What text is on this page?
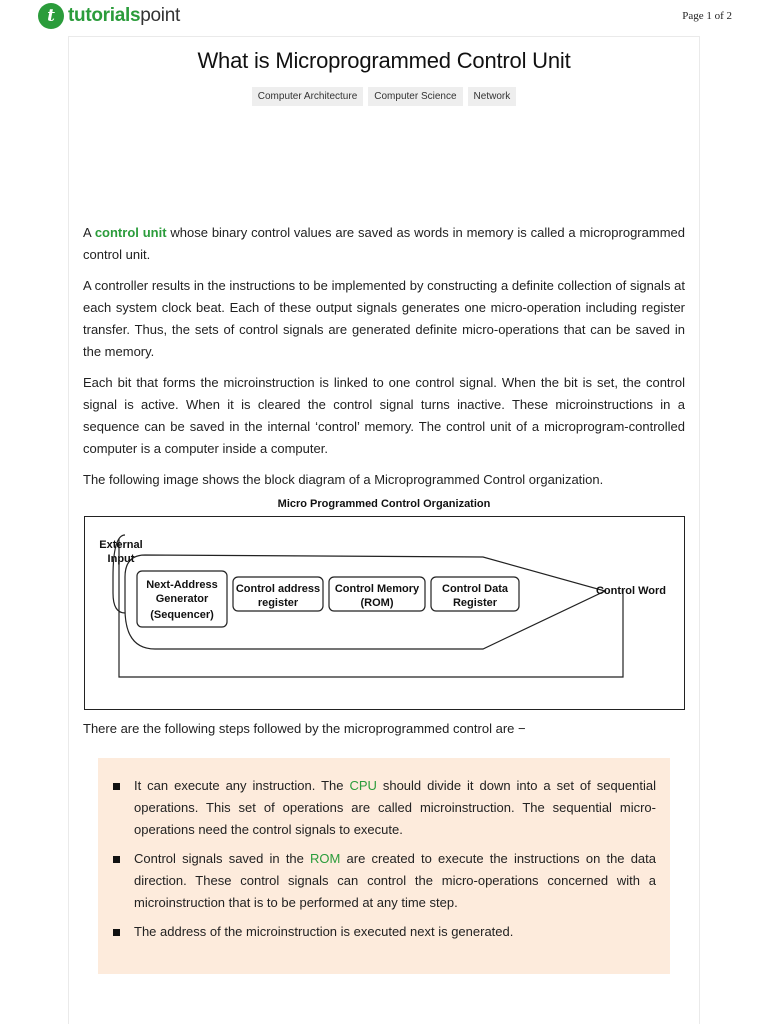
t tutorialspoint	Page 1 of 2
What is Microprogrammed Control Unit
Computer Architecture	Computer Science	Network

A control unit whose binary control values are saved as words in memory is called a microprogrammed control unit.

A controller results in the instructions to be implemented by constructing a definite collection of signals at each system clock beat. Each of these output signals generates one micro-operation including register transfer. Thus, the sets of control signals are generated definite micro-operations that can be saved in the memory.

Each bit that forms the microinstruction is linked to one control signal. When the bit is set, the control signal is active. When it is cleared the control signal turns inactive. These microinstructions in a sequence can be saved in the internal ‘control’ memory. The control unit of a microprogram-controlled computer is a computer inside a computer.

The following image shows the block diagram of a Microprogrammed Control organization.

Micro Programmed Control Organization
External
Input
Next-Address
Generator
(Sequencer)
Control address
register
Control Memory
(ROM)
Control Data
Register
Control Word

There are the following steps followed by the microprogrammed control are −

It can execute any instruction. The CPU should divide it down into a set of sequential operations. This set of operations are called microinstruction. The sequential micro-operations need the control signals to execute.
Control signals saved in the ROM are created to execute the instructions on the data direction. These control signals can control the micro-operations concerned with a microinstruction that is to be performed at any time step.
The address of the microinstruction is executed next is generated.
